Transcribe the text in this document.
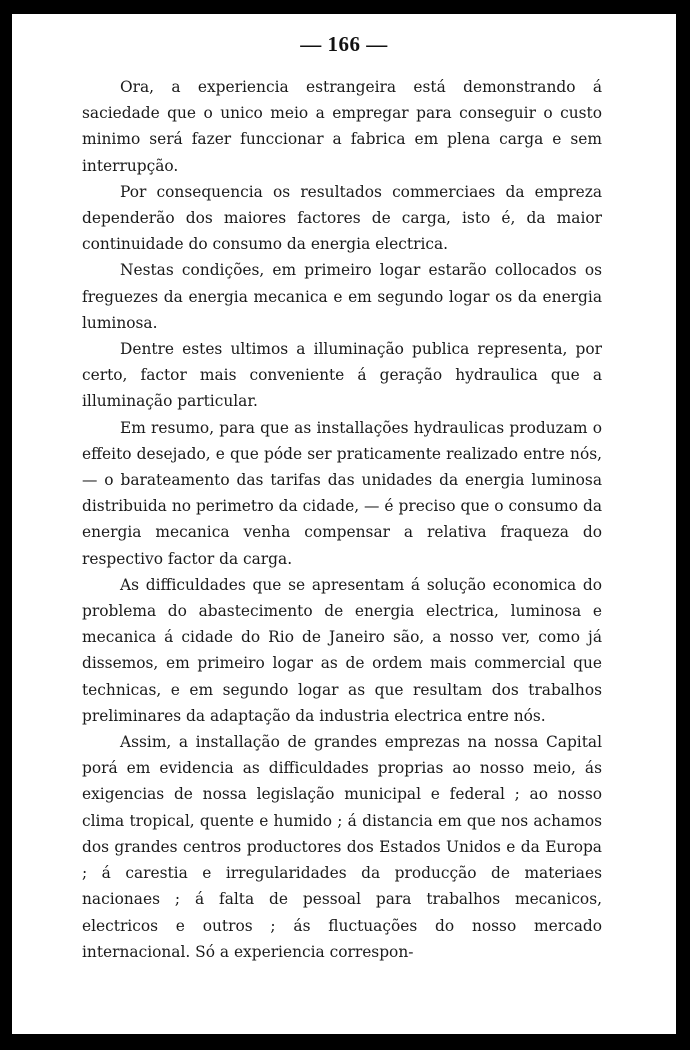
— 166 —

Ora, a experiencia estrangeira está demonstrando á saciedade que o unico meio a empregar para conseguir o custo minimo será fazer funccionar a fabrica em plena carga e sem interrupção.

Por consequencia os resultados commerciaes da empreza dependerão dos maiores factores de carga, isto é, da maior continuidade do consumo da energia electrica.

Nestas condições, em primeiro logar estarão collocados os freguezes da energia mecanica e em segundo logar os da energia luminosa.

Dentre estes ultimos a illuminação publica representa, por certo, factor mais conveniente á geração hydraulica que a illuminação particular.

Em resumo, para que as installações hydraulicas produzam o effeito desejado, e que póde ser praticamente realizado entre nós, — o barateamento das tarifas das unidades da energia luminosa distribuida no perimetro da cidade, — é preciso que o consumo da energia mecanica venha compensar a relativa fraqueza do respectivo factor da carga.

As difficuldades que se apresentam á solução economica do problema do abastecimento de energia electrica, luminosa e mecanica á cidade do Rio de Janeiro são, a nosso ver, como já dissemos, em primeiro logar as de ordem mais commercial que technicas, e em segundo logar as que resultam dos trabalhos preliminares da adaptação da industria electrica entre nós.

Assim, a installação de grandes emprezas na nossa Capital porá em evidencia as difficuldades proprias ao nosso meio, ás exigencias de nossa legislação municipal e federal ; ao nosso clima tropical, quente e humido ; á distancia em que nos achamos dos grandes centros productores dos Estados Unidos e da Europa ; á carestia e irregularidades da producção de materiaes nacionaes ; á falta de pessoal para trabalhos mecanicos, electricos e outros ; ás fluctuações do nosso mercado internacional. Só a experiencia correspon-
